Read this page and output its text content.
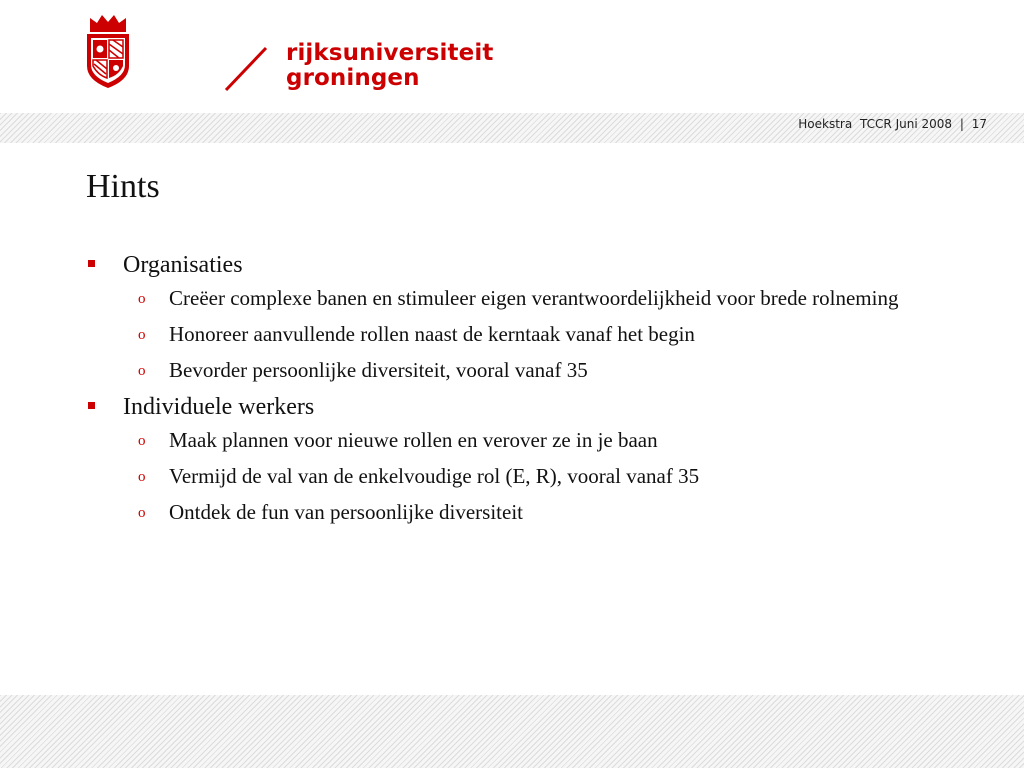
rijksuniversiteit
groningen
Hoekstra TCCR Juni 2008 | 17
Hints
Organisaties
o Creëer complexe banen en stimuleer eigen verantwoordelijkheid voor brede rolneming
o Honoreer aanvullende rollen naast de kerntaak vanaf het begin
o Bevorder persoonlijke diversiteit, vooral vanaf 35
Individuele werkers
o Maak plannen voor nieuwe rollen en verover ze in je baan
o Vermijd de val van de enkelvoudige rol (E, R), vooral vanaf 35
o Ontdek de fun van persoonlijke diversiteit
